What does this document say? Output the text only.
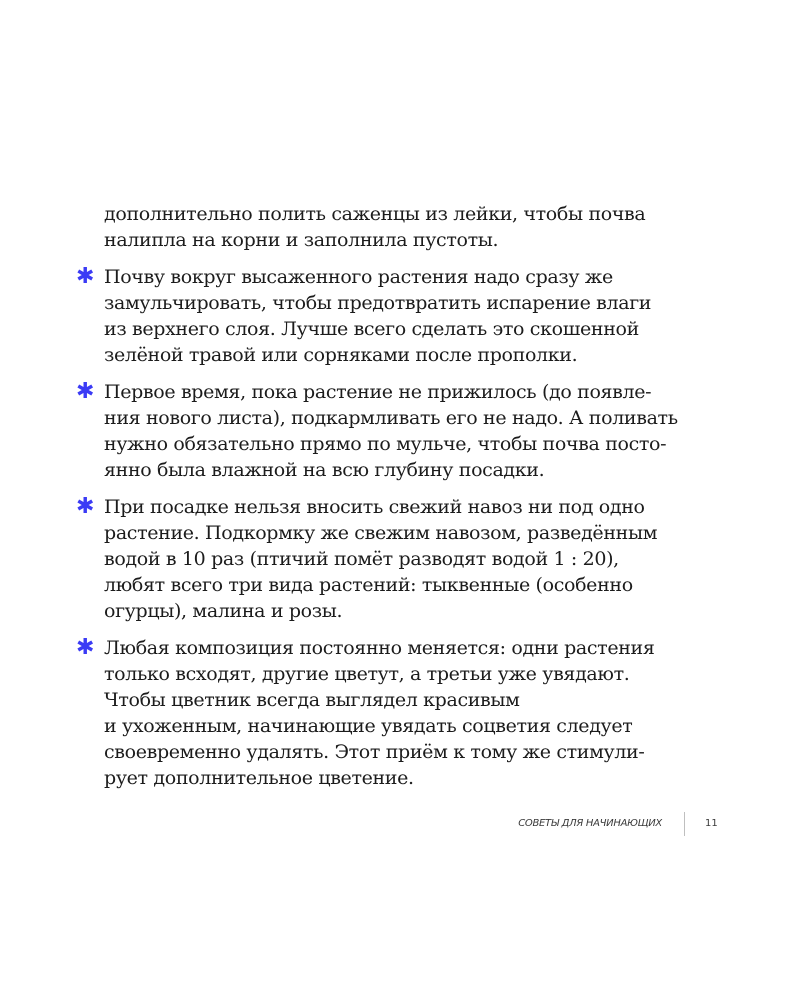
дополнительно полить саженцы из лейки, чтобы почва
налипла на корни и заполнила пустоты.
✱ Почву вокруг высаженного растения надо сразу же
замульчировать, чтобы предотвратить испарение влаги
из верхнего слоя. Лучше всего сделать это скошенной
зелёной травой или сорняками после прополки.
✱ Первое время, пока растение не прижилось (до появле-
ния нового листа), подкармливать его не надо. А поливать
нужно обязательно прямо по мульче, чтобы почва посто-
янно была влажной на всю глубину посадки.
✱ При посадке нельзя вносить свежий навоз ни под одно
растение. Подкормку же свежим навозом, разведённым
водой в 10 раз (птичий помёт разводят водой 1 : 20),
любят всего три вида растений: тыквенные (особенно
огурцы), малина и розы.
✱ Любая композиция постоянно меняется: одни растения
только всходят, другие цветут, а третьи уже увядают.
Чтобы цветник всегда выглядел красивым
и ухоженным, начинающие увядать соцветия следует
своевременно удалять. Этот приём к тому же стимули-
рует дополнительное цветение.
СОВЕТЫ ДЛЯ НАЧИНАЮЩИХ	11
